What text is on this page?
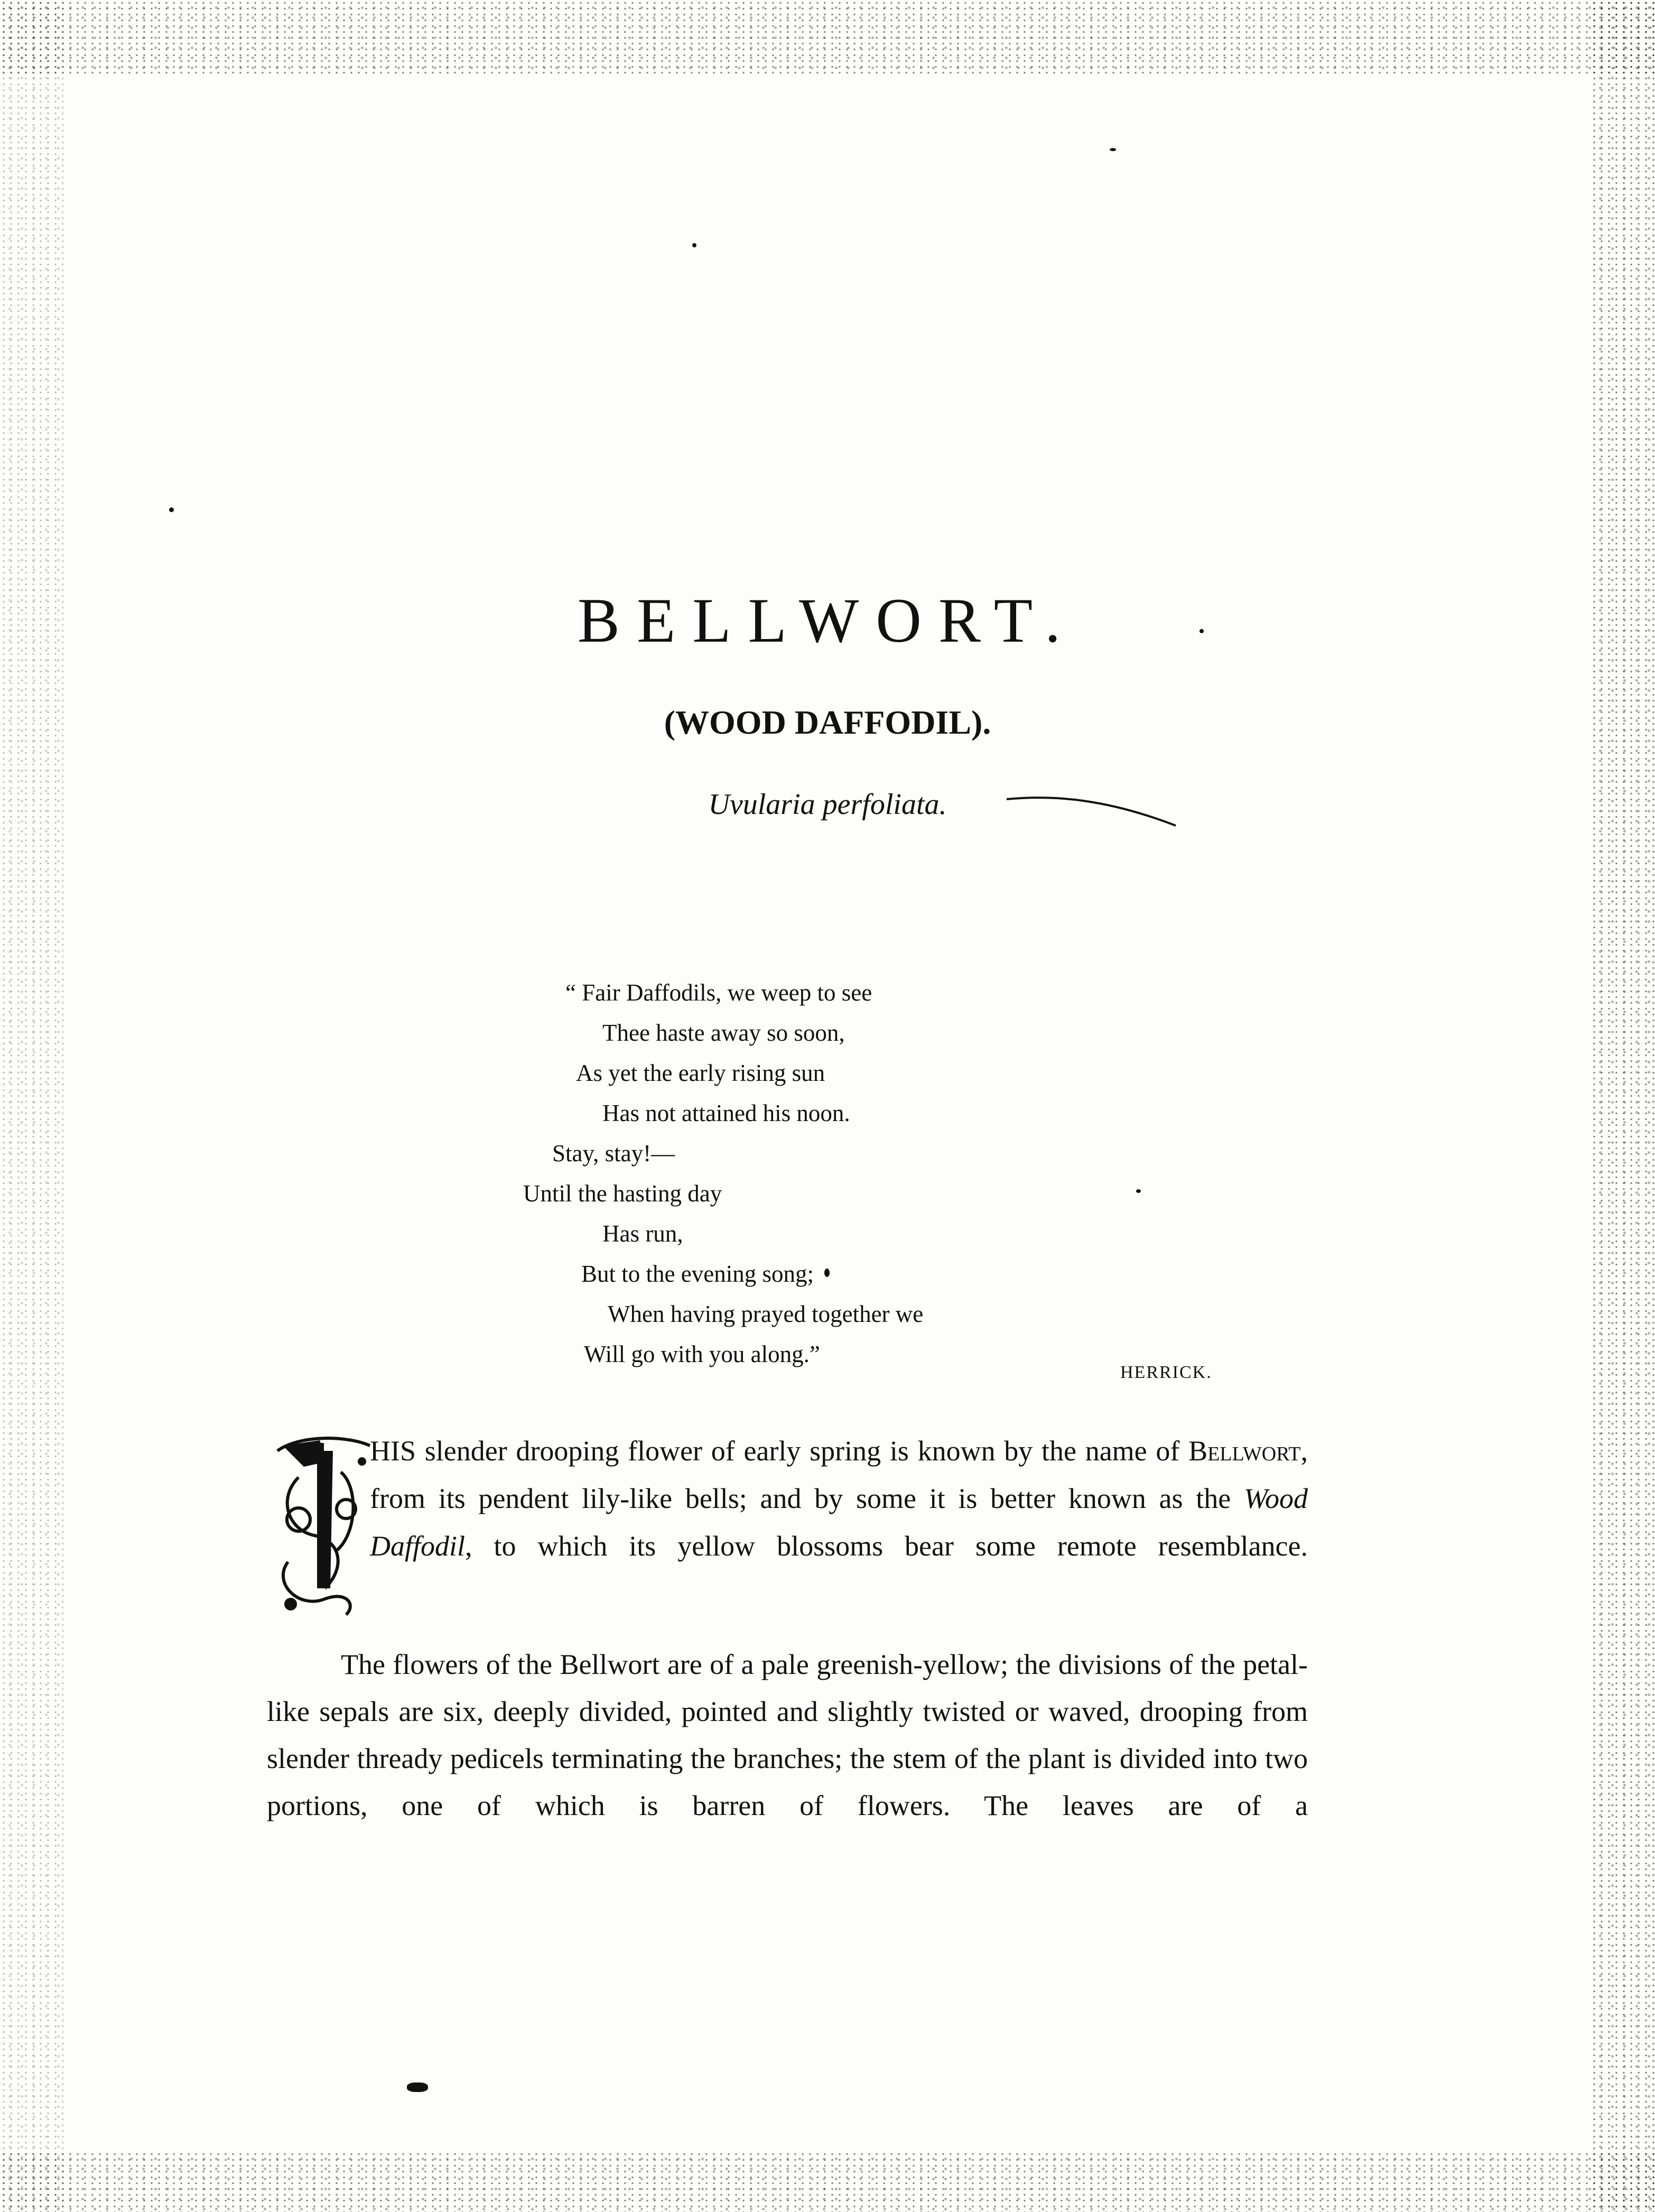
BELLWORT.
(WOOD DAFFODIL).

Uvularia perfoliata.

“ Fair Daffodils, we weep to see
Thee haste away so soon,
As yet the early rising sun
Has not attained his noon.
Stay, stay!—
Until the hasting day
Has run,
But to the evening song;
When having prayed together we
Will go with you along.”
HERRICK.

HIS slender drooping flower of early spring is known by the name of Bellwort, from its pendent lily-like bells; and by some it is better known as the Wood Daffodil, to which its yellow blossoms bear some remote resemblance.

The flowers of the Bellwort are of a pale greenish-yellow; the divisions of the petal-like sepals are six, deeply divided, pointed and slightly twisted or waved, drooping from slender thready pedicels terminating the branches; the stem of the plant is divided into two portions, one of which is barren of flowers. The leaves are of a
